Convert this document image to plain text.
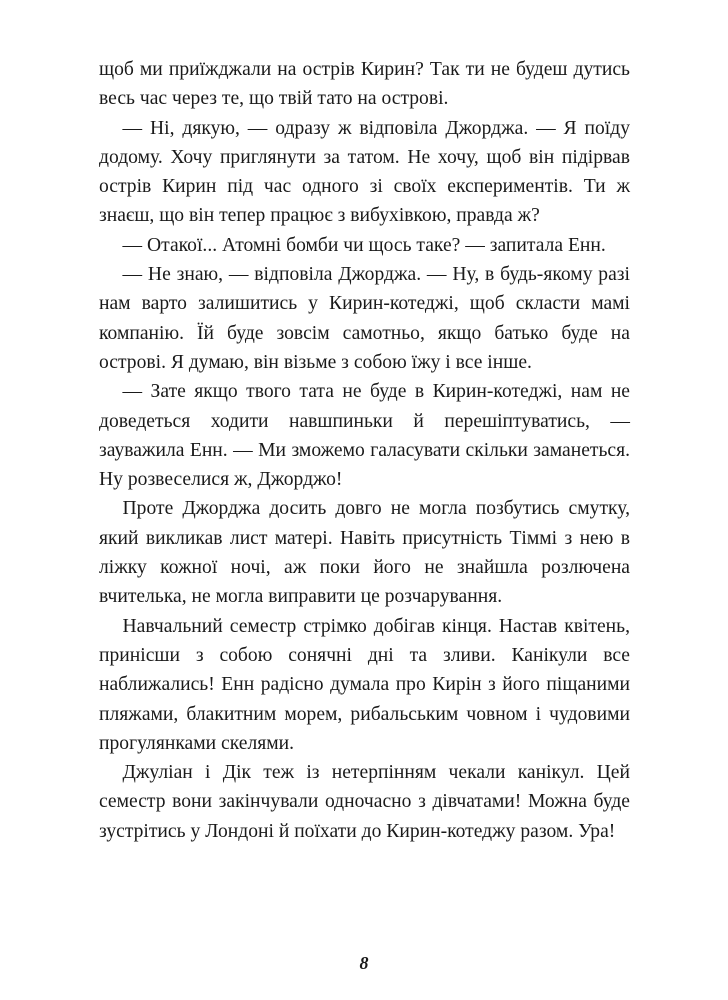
щоб ми приїжджали на острів Кирин? Так ти не будеш дутись весь час через те, що твій тато на острові.

— Ні, дякую, — одразу ж відповіла Джорджа. — Я поїду додому. Хочу приглянути за татом. Не хочу, щоб він підірвав острів Кирин під час одного зі своїх експериментів. Ти ж знаєш, що він тепер працює з вибухівкою, правда ж?

— Отакої... Атомні бомби чи щось таке? — запитала Енн.

— Не знаю, — відповіла Джорджа. — Ну, в будь-якому разі нам варто залишитись у Кирин-котеджі, щоб скласти мамі компанію. Їй буде зовсім самотньо, якщо батько буде на острові. Я думаю, він візьме з собою їжу і все інше.

— Зате якщо твого тата не буде в Кирин-котеджі, нам не доведеться ходити навшпиньки й перешіптуватись, — зауважила Енн. — Ми зможемо галасувати скільки заманеться. Ну розвеселися ж, Джорджо!

Проте Джорджа досить довго не могла позбутись смутку, який викликав лист матері. Навіть присутність Тіммі з нею в ліжку кожної ночі, аж поки його не знайшла розлючена вчителька, не могла виправити це розчарування.

Навчальний семестр стрімко добігав кінця. Настав квітень, принісши з собою сонячні дні та зливи. Канікули все наближались! Енн радісно думала про Кирін з його піщаними пляжами, блакитним морем, рибальським човном і чудовими прогулянками скелями.

Джуліан і Дік теж із нетерпінням чекали канікул. Цей семестр вони закінчували одночасно з дівчатами! Можна буде зустрітись у Лондоні й поїхати до Кирин-котеджу разом. Ура!

8
